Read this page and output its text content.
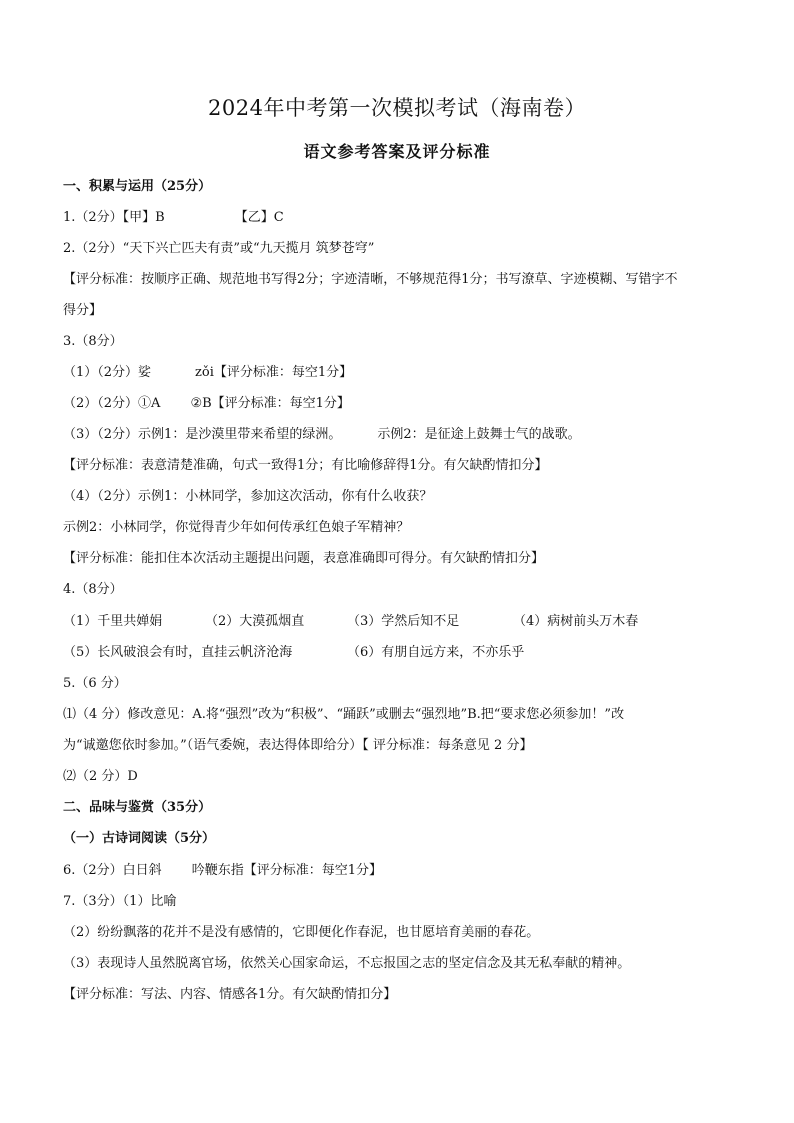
2024年中考第一次模拟考试（海南卷）
语文参考答案及评分标准
一、积累与运用（25分）
1.（2分）【甲】B	【乙】C
2.（2分）“天下兴亡匹夫有责”或“九天揽月 筑梦苍穹”
【评分标准：按顺序正确、规范地书写得2分；字迹清晰，不够规范得1分；书写潦草、字迹模糊、写错字不
得分】
3.（8分）
（1）（2分）娑	zǒi【评分标准：每空1分】
（2）（2分）①A ②B【评分标准：每空1分】
（3）（2分）示例1：是沙漠里带来希望的绿洲。	示例2：是征途上鼓舞士气的战歌。
【评分标准：表意清楚准确，句式一致得1分；有比喻修辞得1分。有欠缺酌情扣分】
（4）（2分）示例1：小林同学，参加这次活动，你有什么收获？
示例2：小林同学，你觉得青少年如何传承红色娘子军精神？
【评分标准：能扣住本次活动主题提出问题，表意准确即可得分。有欠缺酌情扣分】
4.（8分）
（1）千里共婵娟	（2）大漠孤烟直	（3）学然后知不足	（4）病树前头万木春
（5）长风破浪会有时，直挂云帆济沧海	（6）有朋自远方来，不亦乐乎
5.（6 分）
⑴（4 分）修改意见：A.将“强烈”改为“积极”、“踊跃”或删去“强烈地”B.把“要求您必须参加！”改
为“诚邀您依时参加。”（语气委婉，表达得体即给分）【 评分标准：每条意见 2 分】
⑵（2 分）D
二、品味与鉴赏（35分）
（一）古诗词阅读（5分）
6.（2分）白日斜 吟鞭东指【评分标准：每空1分】
7.（3分）（1）比喻
（2）纷纷飘落的花并不是没有感情的，它即便化作春泥，也甘愿培育美丽的春花。
（3）表现诗人虽然脱离官场，依然关心国家命运，不忘报国之志的坚定信念及其无私奉献的精神。
【评分标准：写法、内容、情感各1分。有欠缺酌情扣分】
